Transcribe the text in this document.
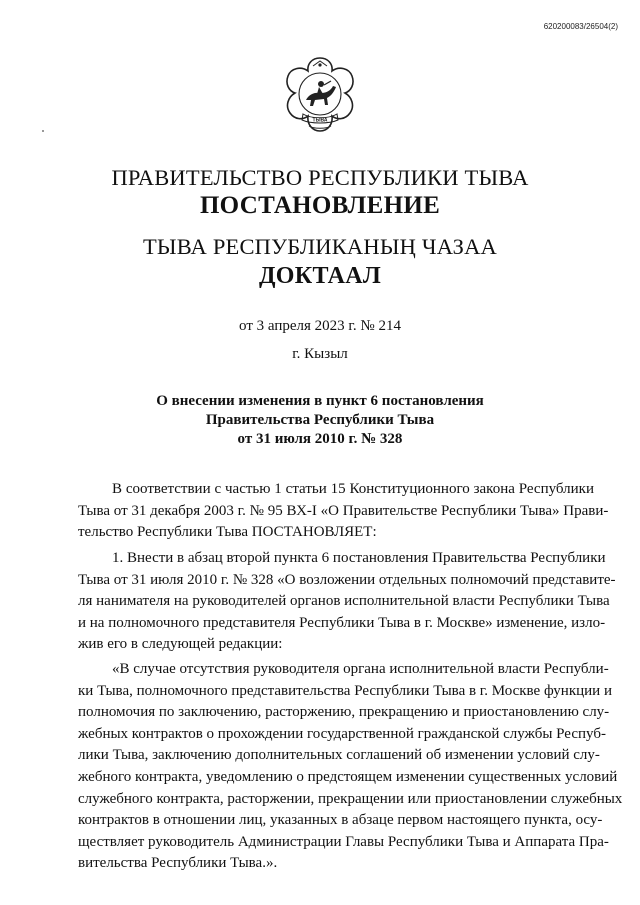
620200083/26504(2)
ТЫВА
ПРАВИТЕЛЬСТВО РЕСПУБЛИКИ ТЫВА
ПОСТАНОВЛЕНИЕ
ТЫВА РЕСПУБЛИКАНЫҢ ЧАЗАА
ДОКТААЛ
от 3 апреля 2023 г. № 214
г. Кызыл
О внесении изменения в пункт 6 постановления
Правительства Республики Тыва
от 31 июля 2010 г. № 328
В соответствии с частью 1 статьи 15 Конституционного закона Республики
Тыва от 31 декабря 2003 г. № 95 ВХ-I «О Правительстве Республики Тыва» Прави-
тельство Республики Тыва ПОСТАНОВЛЯЕТ:
1. Внести в абзац второй пункта 6 постановления Правительства Республики
Тыва от 31 июля 2010 г. № 328 «О возложении отдельных полномочий представите-
ля нанимателя на руководителей органов исполнительной власти Республики Тыва
и на полномочного представителя Республики Тыва в г. Москве» изменение, изло-
жив его в следующей редакции:
«В случае отсутствия руководителя органа исполнительной власти Республи-
ки Тыва, полномочного представительства Республики Тыва в г. Москве функции и
полномочия по заключению, расторжению, прекращению и приостановлению слу-
жебных контрактов о прохождении государственной гражданской службы Респуб-
лики Тыва, заключению дополнительных соглашений об изменении условий слу-
жебного контракта, уведомлению о предстоящем изменении существенных условий
служебного контракта, расторжении, прекращении или приостановлении служебных
контрактов в отношении лиц, указанных в абзаце первом настоящего пункта, осу-
ществляет руководитель Администрации Главы Республики Тыва и Аппарата Пра-
вительства Республики Тыва.».
